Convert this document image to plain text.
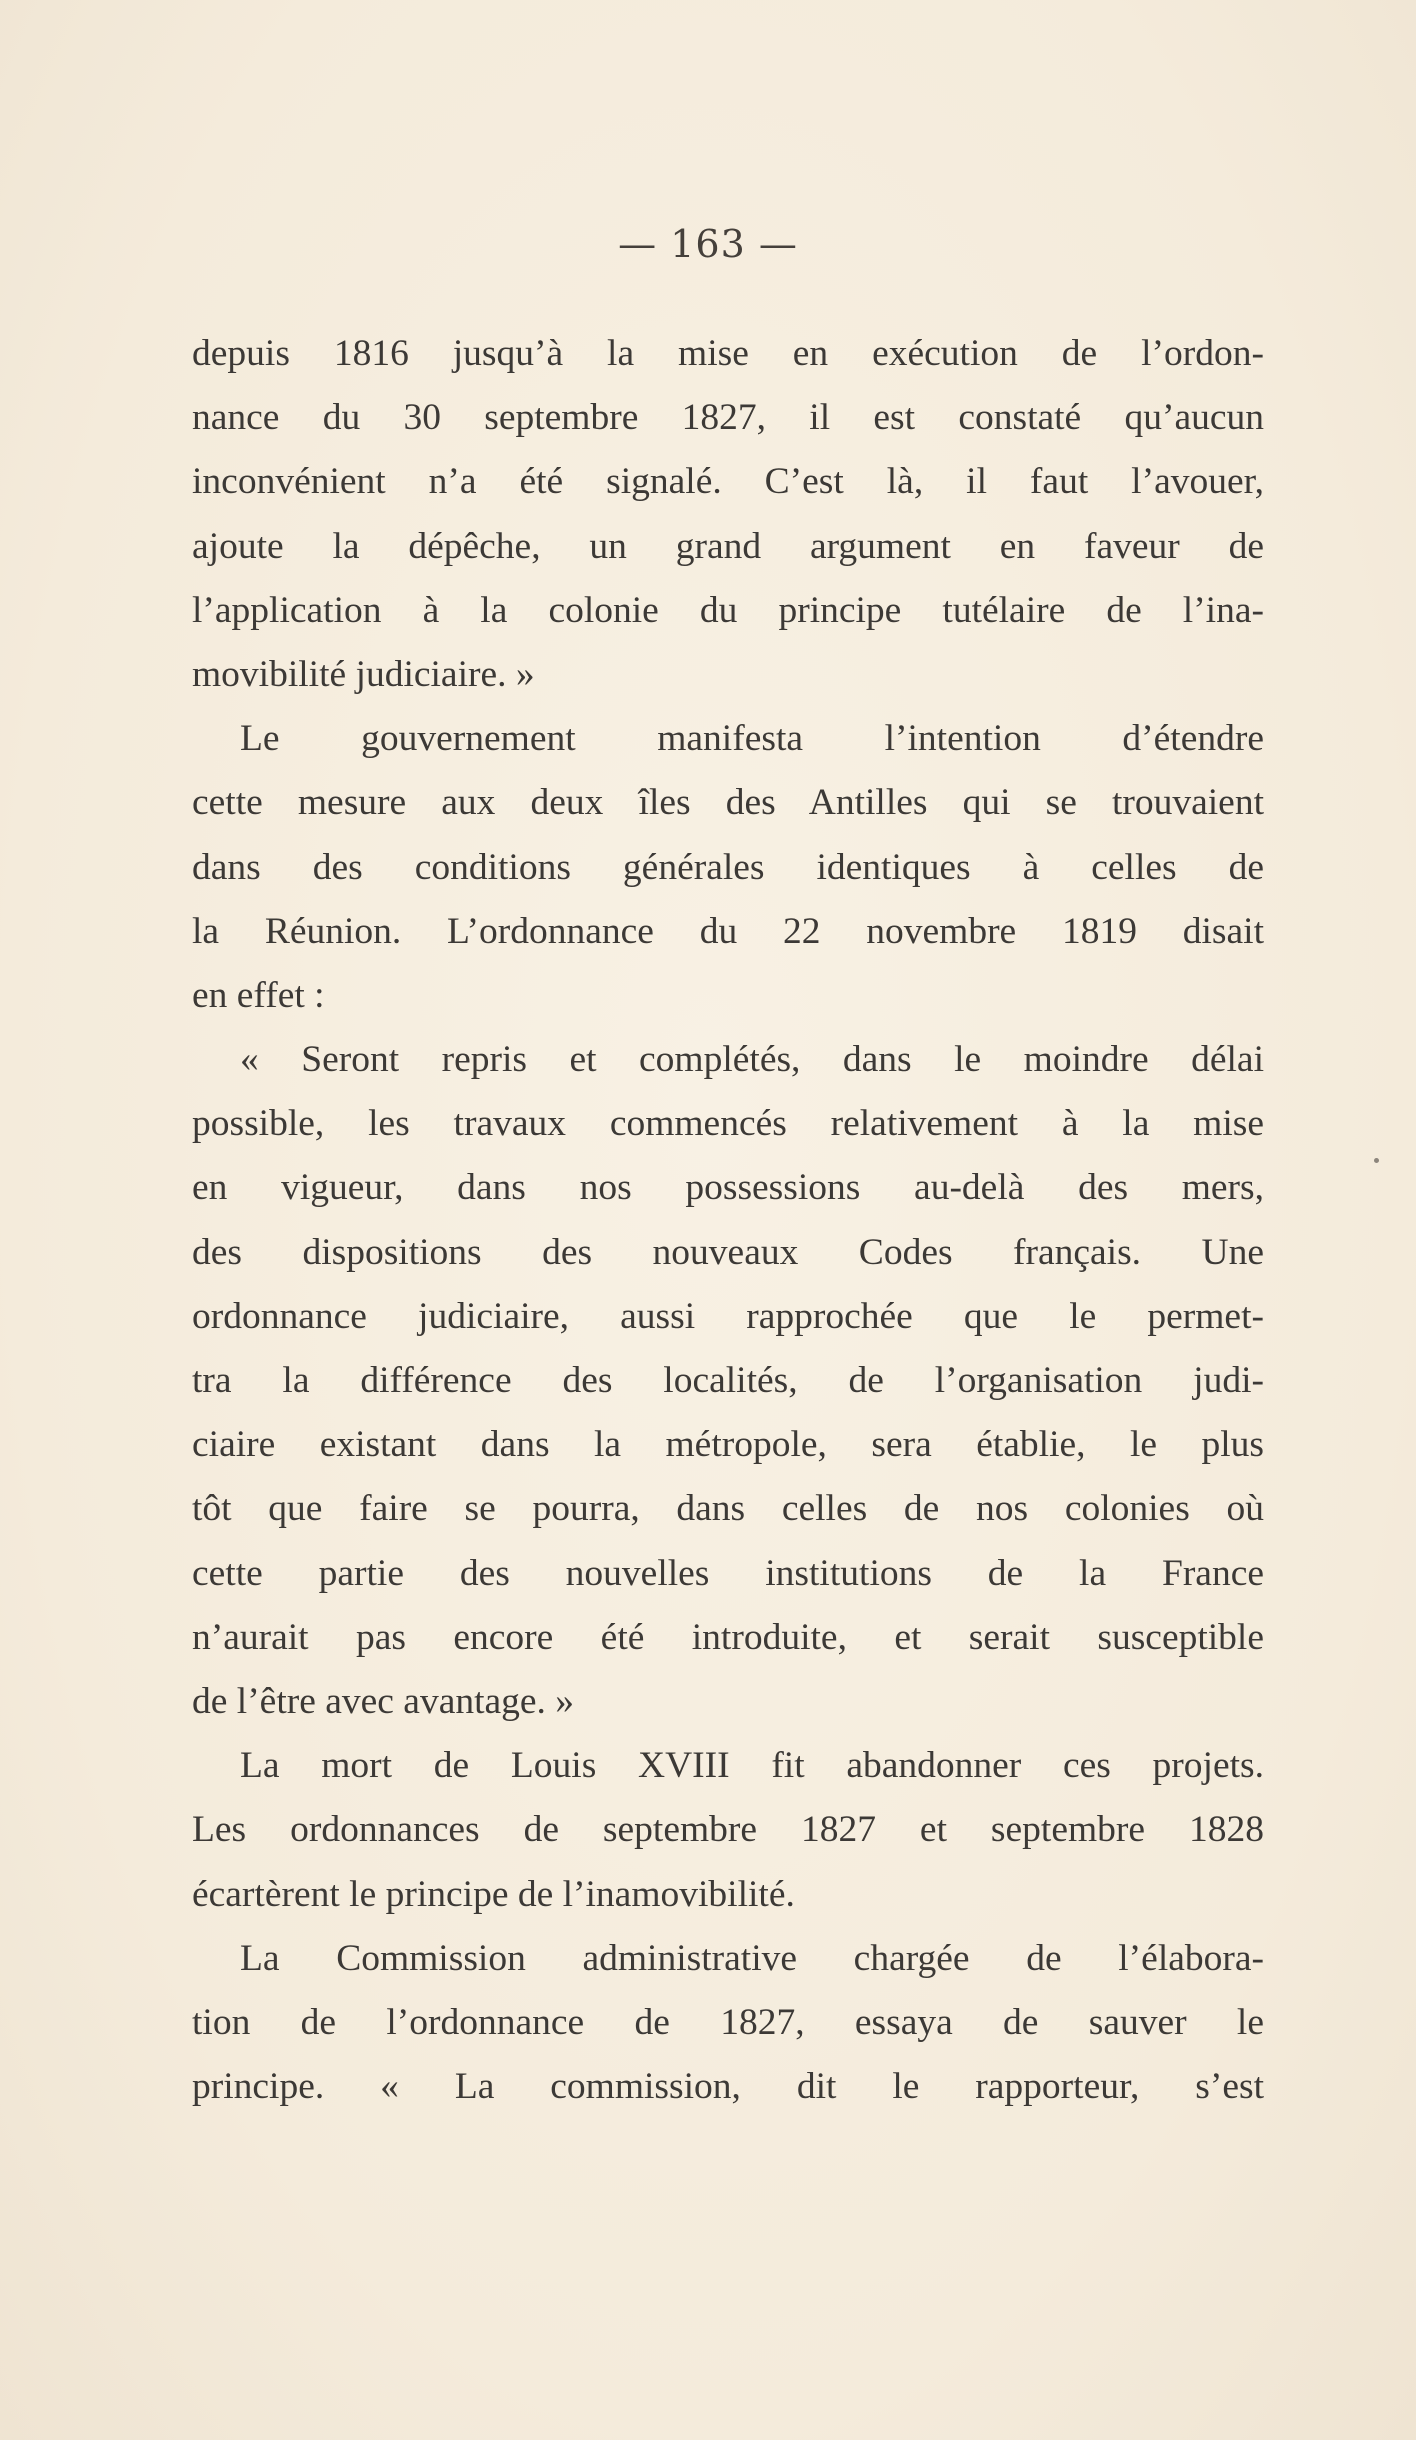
— 163 —
depuis 1816 jusqu’à la mise en exécution de l’ordon-
nance du 30 septembre 1827, il est constaté qu’aucun
inconvénient n’a été signalé. C’est là, il faut l’avouer,
ajoute la dépêche, un grand argument en faveur de
l’application à la colonie du principe tutélaire de l’ina-
movibilité judiciaire. »
Le gouvernement manifesta l’intention d’étendre
cette mesure aux deux îles des Antilles qui se trouvaient
dans des conditions générales identiques à celles de
la Réunion. L’ordonnance du 22 novembre 1819 disait
en effet :
« Seront repris et complétés, dans le moindre délai
possible, les travaux commencés relativement à la mise
en vigueur, dans nos possessions au-delà des mers,
des dispositions des nouveaux Codes français. Une
ordonnance judiciaire, aussi rapprochée que le permet-
tra la différence des localités, de l’organisation judi-
ciaire existant dans la métropole, sera établie, le plus
tôt que faire se pourra, dans celles de nos colonies où
cette partie des nouvelles institutions de la France
n’aurait pas encore été introduite, et serait susceptible
de l’être avec avantage. »
La mort de Louis XVIII fit abandonner ces projets.
Les ordonnances de septembre 1827 et septembre 1828
écartèrent le principe de l’inamovibilité.
La Commission administrative chargée de l’élabora-
tion de l’ordonnance de 1827, essaya de sauver le
principe. « La commission, dit le rapporteur, s’est
